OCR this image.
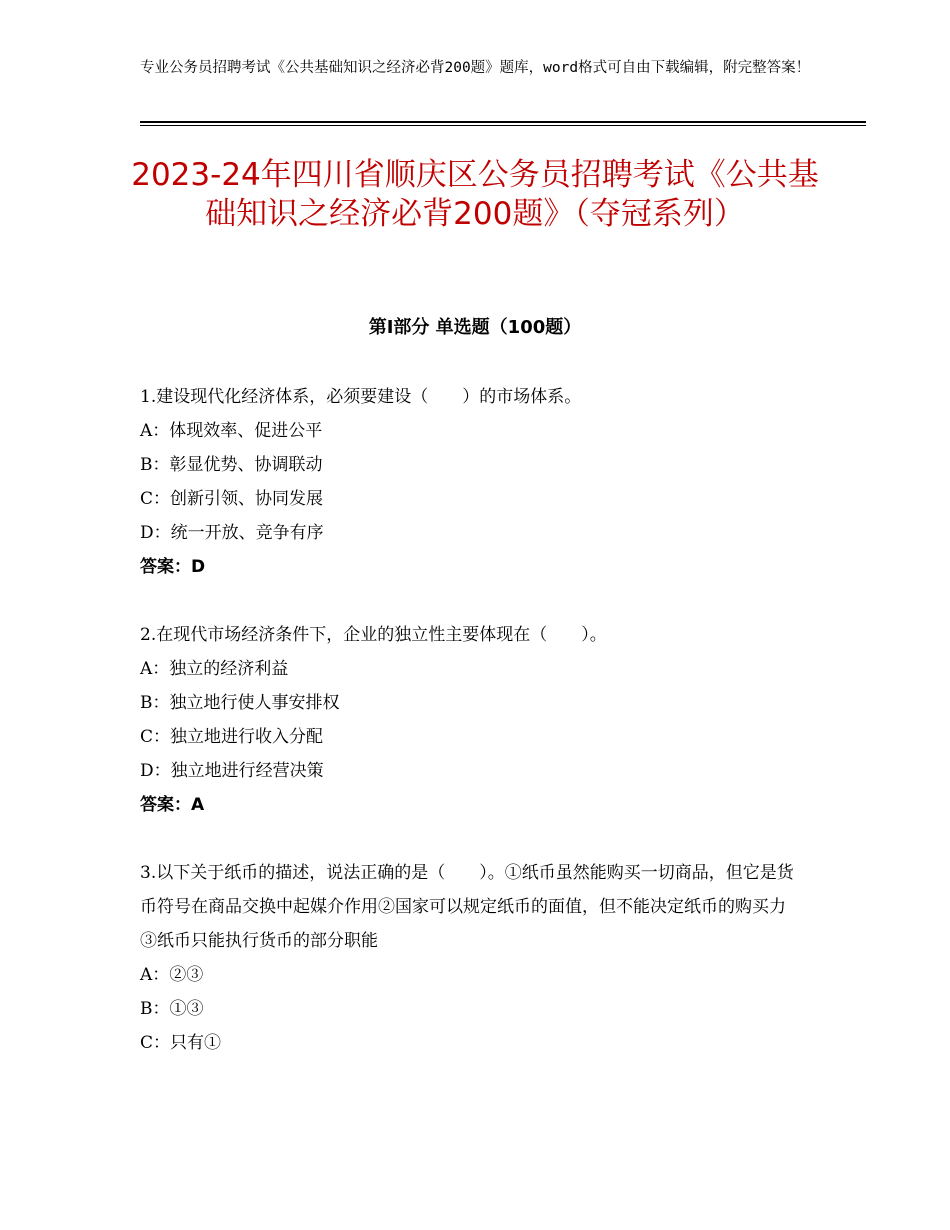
专业公务员招聘考试《公共基础知识之经济必背200题》题库，word格式可自由下载编辑，附完整答案！
2023-24年四川省顺庆区公务员招聘考试《公共基础知识之经济必背200题》（夺冠系列）
第Ⅰ部分 单选题（100题）

1.建设现代化经济体系，必须要建设（　　）的市场体系。

A：体现效率、促进公平

B：彰显优势、协调联动

C：创新引领、协同发展

D：统一开放、竞争有序

答案：D

2.在现代市场经济条件下，企业的独立性主要体现在（　　）。

A：独立的经济利益

B：独立地行使人事安排权

C：独立地进行收入分配

D：独立地进行经营决策

答案：A

3.以下关于纸币的描述，说法正确的是（　　）。①纸币虽然能购买一切商品，但它是货币符号在商品交换中起媒介作用②国家可以规定纸币的面值，但不能决定纸币的购买力③纸币只能执行货币的部分职能

A：②③

B：①③

C：只有①
